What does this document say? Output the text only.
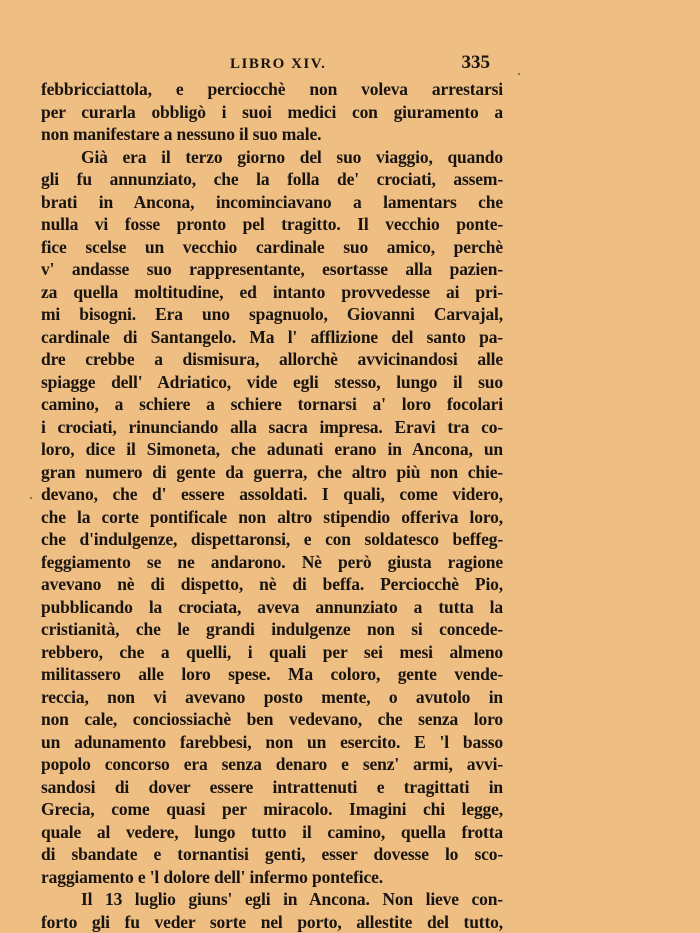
LIBRO XIV.	335
febbricciattola, e perciocchè non voleva arrestarsi
per curarla obbligò i suoi medici con giuramento a
non manifestare a nessuno il suo male.
Già era il terzo giorno del suo viaggio, quando
gli fu annunziato, che la folla de' crociati, assem-
brati in Ancona, incominciavano a lamentars che
nulla vi fosse pronto pel tragitto. Il vecchio ponte-
fice scelse un vecchio cardinale suo amico, perchè
v' andasse suo rappresentante, esortasse alla pazien-
za quella moltitudine, ed intanto provvedesse ai pri-
mi bisogni. Era uno spagnuolo, Giovanni Carvajal,
cardinale di Santangelo. Ma l' afflizione del santo pa-
dre crebbe a dismisura, allorchè avvicinandosi alle
spiagge dell' Adriatico, vide egli stesso, lungo il suo
camino, a schiere a schiere tornarsi a' loro focolari
i crociati, rinunciando alla sacra impresa. Eravi tra co-
loro, dice il Simoneta, che adunati erano in Ancona, un
gran numero di gente da guerra, che altro più non chie-
devano, che d' essere assoldati. I quali, come videro,
che la corte pontificale non altro stipendio offeriva loro,
che d'indulgenze, dispettaronsi, e con soldatesco beffeg-
feggiamento se ne andarono. Nè però giusta ragione
avevano nè di dispetto, nè di beffa. Perciocchè Pio,
pubblicando la crociata, aveva annunziato a tutta la
cristianità, che le grandi indulgenze non si concede-
rebbero, che a quelli, i quali per sei mesi almeno
militassero alle loro spese. Ma coloro, gente vende-
reccia, non vi avevano posto mente, o avutolo in
non cale, conciossiachè ben vedevano, che senza loro
un adunamento farebbesi, non un esercito. E 'l basso
popolo concorso era senza denaro e senz' armi, avvi-
sandosi di dover essere intrattenuti e tragittati in
Grecia, come quasi per miracolo. Imagini chi legge,
quale al vedere, lungo tutto il camino, quella frotta
di sbandate e tornantisi genti, esser dovesse lo sco-
raggiamento e 'l dolore dell' infermo pontefice.
Il 13 luglio giuns' egli in Ancona. Non lieve con-
forto gli fu veder sorte nel porto, allestite del tutto,
